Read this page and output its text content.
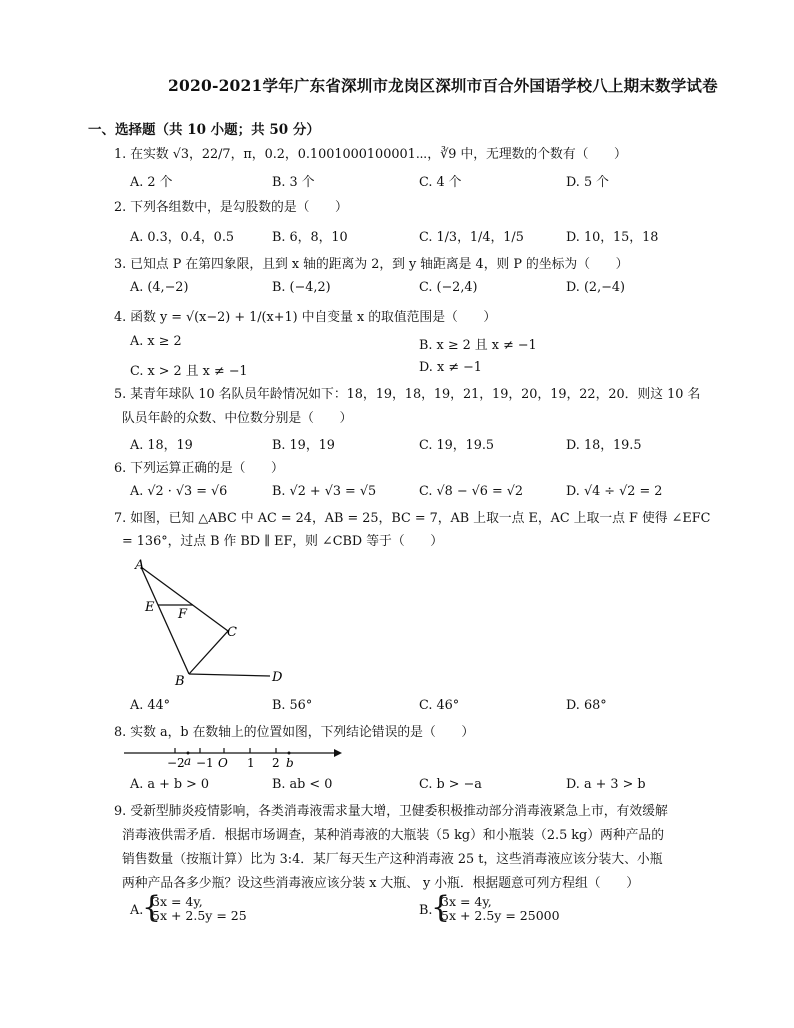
2020-2021学年广东省深圳市龙岗区深圳市百合外国语学校八上期末数学试卷
一、选择题（共 10 小题；共 50 分）
1. 在实数 √3，22/7，π，0.2，0.1001000100001⋯，∛9 中，无理数的个数有（　　）
A. 2 个	B. 3 个	C. 4 个	D. 5 个
2. 下列各组数中，是勾股数的是（　　）
A. 0.3，0.4，0.5	B. 6，8，10	C. 1/3，1/4，1/5	D. 10，15，18
3. 已知点 P 在第四象限，且到 x 轴的距离为 2，到 y 轴距离是 4，则 P 的坐标为（　　）
A. (4,−2)	B. (−4,2)	C. (−2,4)	D. (2,−4)
4. 函数 y = √(x−2) + 1/(x+1) 中自变量 x 的取值范围是（　　）
A. x ≥ 2	B. x ≥ 2 且 x ≠ −1
C. x > 2 且 x ≠ −1	D. x ≠ −1
5. 某青年球队 10 名队员年龄情况如下：18，19，18，19，21，19，20，19，22，20．则这 10 名
队员年龄的众数、中位数分别是（　　）
A. 18，19	B. 19，19	C. 19，19.5	D. 18，19.5
6. 下列运算正确的是（　　）
A. √2 · √3 = √6	B. √2 + √3 = √5	C. √8 − √6 = √2	D. √4 ÷ √2 = 2
7. 如图，已知 △ABC 中 AC = 24，AB = 25，BC = 7，AB 上取一点 E，AC 上取一点 F 使得 ∠EFC
= 136°，过点 B 作 BD ∥ EF，则 ∠CBD 等于（　　）
A
E F
C
B	D
A. 44°	B. 56°	C. 46°	D. 68°
8. 实数 a，b 在数轴上的位置如图，下列结论错误的是（　　）
−2 a −1 O 1 2 b
A. a + b > 0	B. ab < 0	C. b > −a	D. a + 3 > b
9. 受新型肺炎疫情影响，各类消毒液需求量大增，卫健委积极推动部分消毒液紧急上市，有效缓解
消毒液供需矛盾．根据市场调查，某种消毒液的大瓶装（5 kg）和小瓶装（2.5 kg）两种产品的
销售数量（按瓶计算）比为 3:4．某厂每天生产这种消毒液 25 t，这些消毒液应该分装大、小瓶
两种产品各多少瓶？设这些消毒液应该分装 x 大瓶、 y 小瓶．根据题意可列方程组（　　）
A.
{
3x = 4y,
5x + 2.5y = 25	B.
{
3x = 4y,
5x + 2.5y = 25000
